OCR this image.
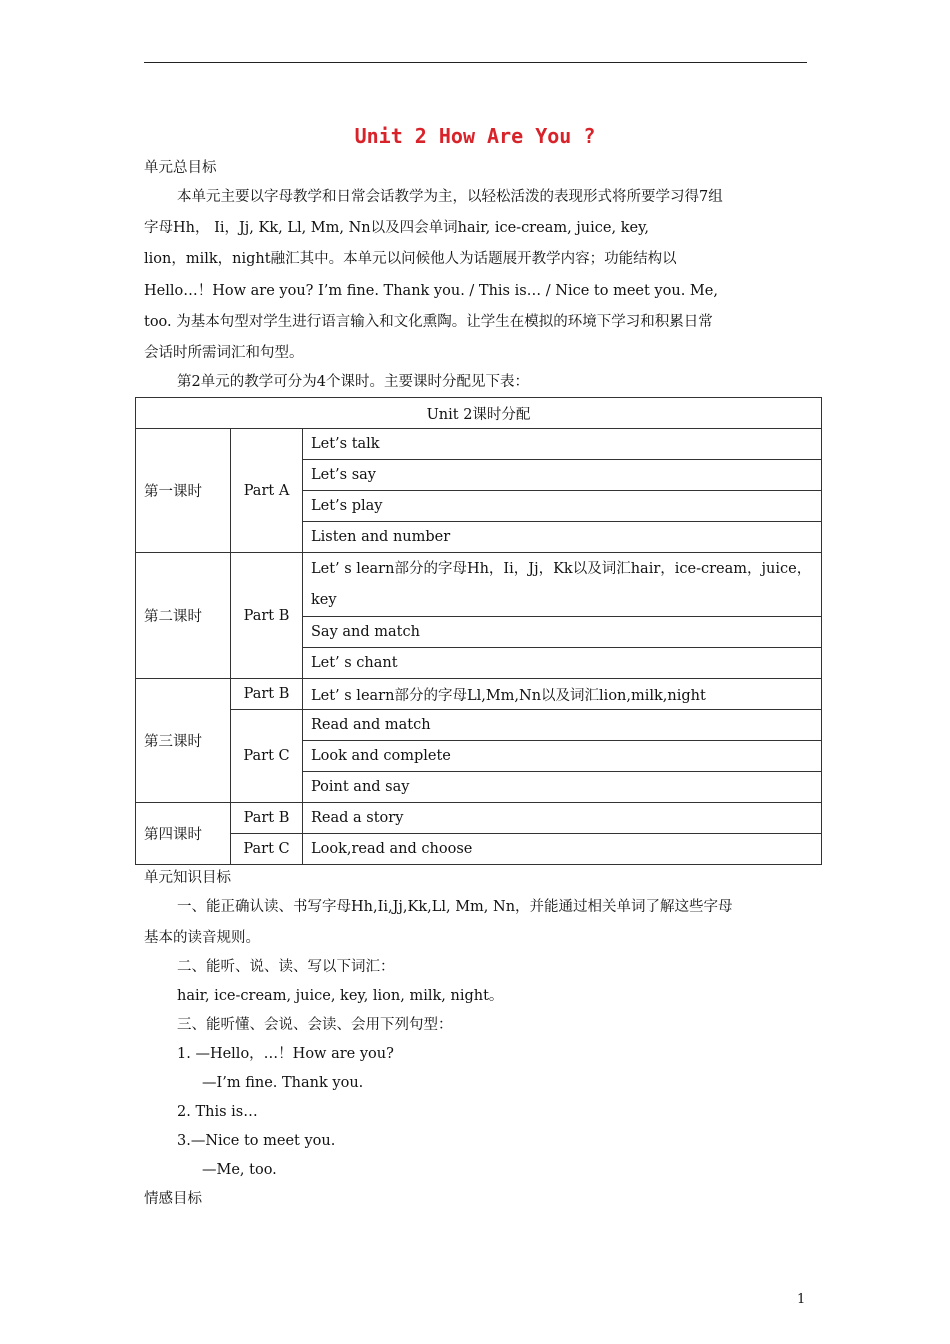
Unit 2 How Are You ?
单元总目标
本单元主要以字母教学和日常会话教学为主，以轻松活泼的表现形式将所要学习得7组
字母Hh， Ii，Jj, Kk, Ll, Mm, Nn以及四会单词hair, ice-cream, juice, key,
lion，milk，night融汇其中。本单元以问候他人为话题展开教学内容；功能结构以
Hello…！How are you? I’m fine. Thank you. / This is… / Nice to meet you. Me,
too. 为基本句型对学生进行语言输入和文化熏陶。让学生在模拟的环境下学习和积累日常
会话时所需词汇和句型。
第2单元的教学可分为4个课时。主要课时分配见下表：
Unit 2课时分配		
第一课时	Part A	Let’s talk
		Let’s say
		Let’s play
		Listen and number
第二课时	Part B	Let’ s learn部分的字母Hh，Ii，Jj，Kk以及词汇hair，ice-cream，juice，key
		Say and match
		Let’ s chant
第三课时	Part B	Let’ s learn部分的字母Ll,Mm,Nn以及词汇lion,milk,night
	Part C	Read and match
		Look and complete
		Point and say
第四课时	Part B	Read a story
	Part C	Look,read and choose
单元知识目标
一、能正确认读、书写字母Hh,Ii,Jj,Kk,Ll, Mm, Nn，并能通过相关单词了解这些字母
基本的读音规则。
二、能听、说、读、写以下词汇：
hair, ice-cream, juice, key, lion, milk, night。
三、能听懂、会说、会读、会用下列句型：
1. —Hello，…！How are you?
—I’m fine. Thank you.
2. This is…
3.—Nice to meet you.
—Me, too.
情感目标
1
